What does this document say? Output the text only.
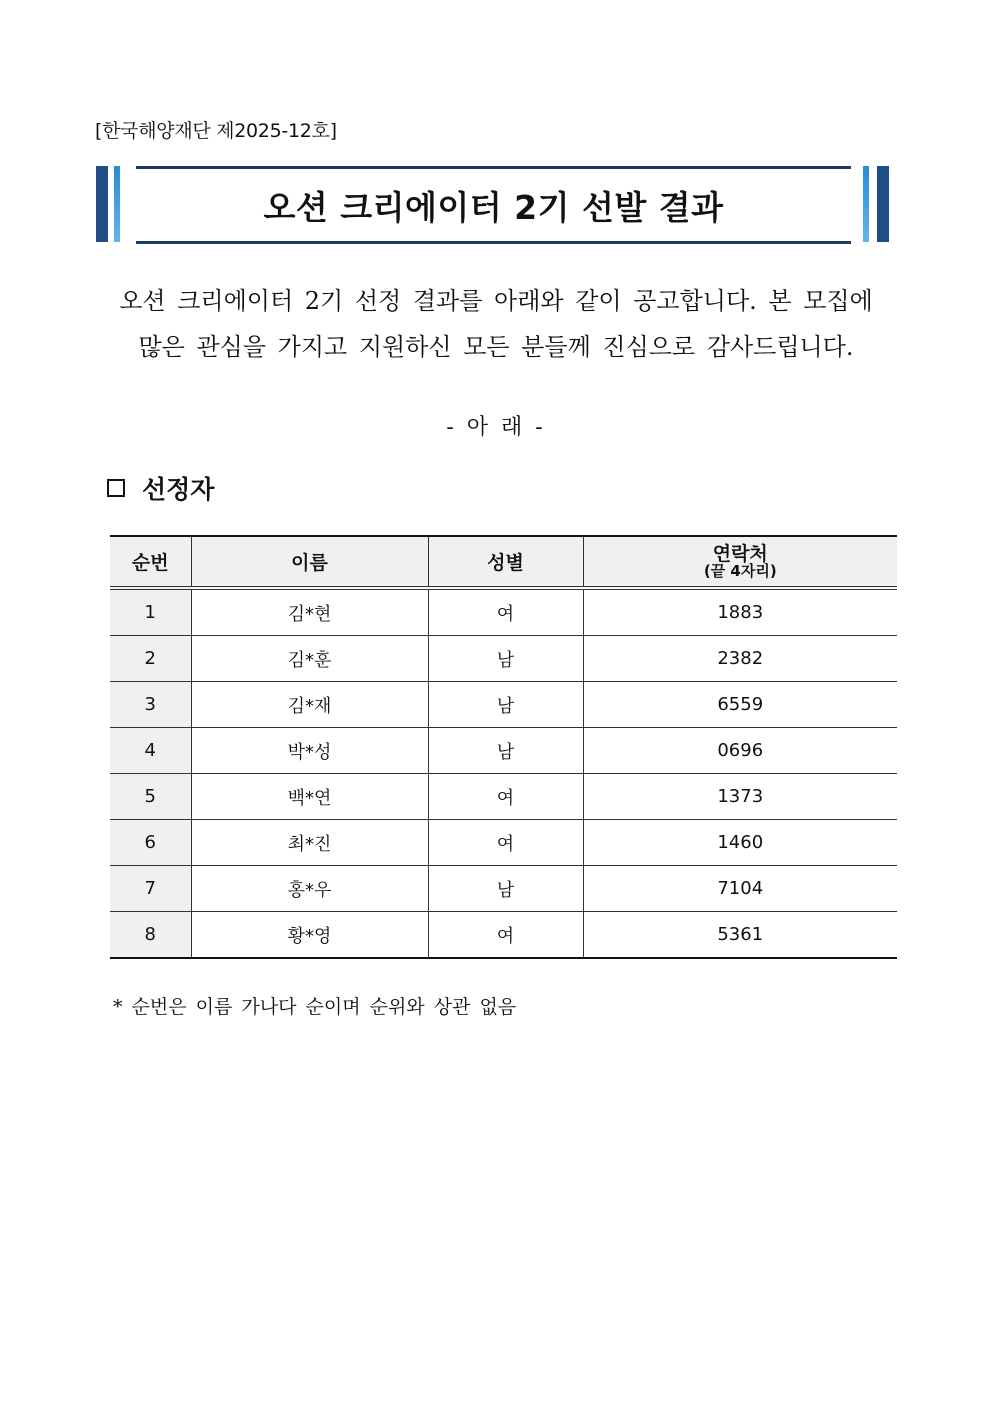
[한국해양재단 제2025-12호]
오션 크리에이터 2기 선발 결과
오션 크리에이터 2기 선정 결과를 아래와 같이 공고합니다. 본 모집에
많은 관심을 가지고 지원하신 모든 분들께 진심으로 감사드립니다.
- 아 래 -
선정자
순번	이름	성별	연락처
(끝 4자리)

1	김*현	여	1883
2	김*훈	남	2382
3	김*재	남	6559
4	박*성	남	0696
5	백*연	여	1373
6	최*진	여	1460
7	홍*우	남	7104
8	황*영	여	5361
* 순번은 이름 가나다 순이며 순위와 상관 없음
